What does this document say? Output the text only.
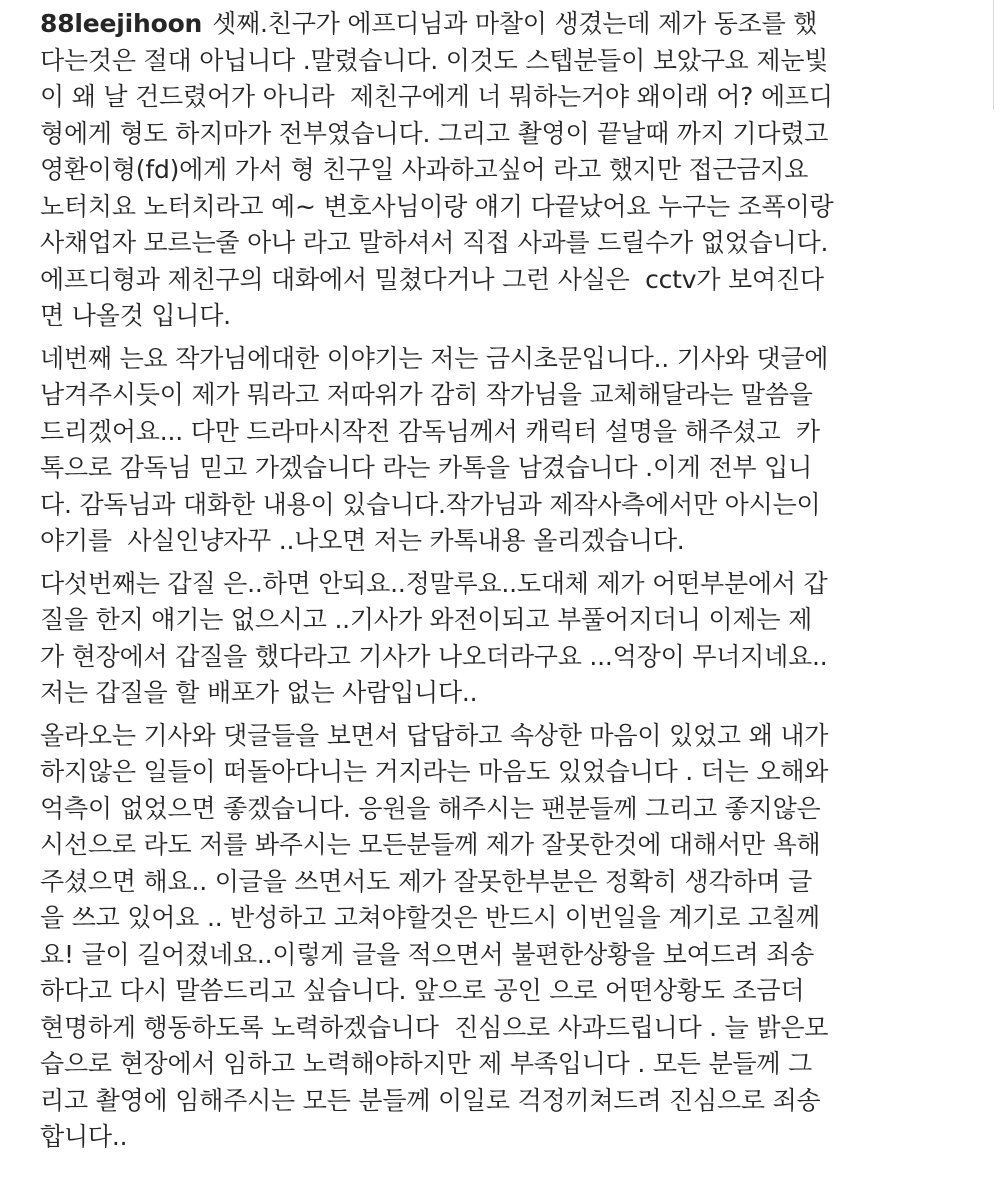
88leejihoon 셋째.친구가 에프디님과 마찰이 생겼는데 제가 동조를 했
다는것은 절대 아닙니다 .말렸습니다. 이것도 스텝분들이 보았구요 제눈빛
이 왜 날 건드렸어가 아니라  제친구에게 너 뭐하는거야 왜이래 어? 에프디
형에게 형도 하지마가 전부였습니다. 그리고 촬영이 끝날때 까지 기다렸고
영환이형(fd)에게 가서 형 친구일 사과하고싶어 라고 했지만 접근금지요
노터치요 노터치라고 예~ 변호사님이랑 얘기 다끝났어요 누구는 조폭이랑
사채업자 모르는줄 아나 라고 말하셔서 직접 사과를 드릴수가 없었습니다.
에프디형과 제친구의 대화에서 밀쳤다거나 그런 사실은  cctv가 보여진다
면 나올것 입니다.
네번째 는요 작가님에대한 이야기는 저는 금시초문입니다.. 기사와 댓글에
남겨주시듯이 제가 뭐라고 저따위가 감히 작가님을 교체해달라는 말씀을
드리겠어요... 다만 드라마시작전 감독님께서 캐릭터 설명을 해주셨고  카
톡으로 감독님 믿고 가겠습니다 라는 카톡을 남겼습니다 .이게 전부 입니
다. 감독님과 대화한 내용이 있습니다.작가님과 제작사측에서만 아시는이
야기를  사실인냥자꾸 ..나오면 저는 카톡내용 올리겠습니다.
다섯번째는 갑질 은..하면 안되요..정말루요..도대체 제가 어떤부분에서 갑
질을 한지 얘기는 없으시고 ..기사가 와전이되고 부풀어지더니 이제는 제
가 현장에서 갑질을 했다라고 기사가 나오더라구요 ...억장이 무너지네요..
저는 갑질을 할 배포가 없는 사람입니다..
올라오는 기사와 댓글들을 보면서 답답하고 속상한 마음이 있었고 왜 내가
하지않은 일들이 떠돌아다니는 거지라는 마음도 있었습니다 . 더는 오해와
억측이 없었으면 좋겠습니다. 응원을 해주시는 팬분들께 그리고 좋지않은
시선으로 라도 저를 봐주시는 모든분들께 제가 잘못한것에 대해서만 욕해
주셨으면 해요.. 이글을 쓰면서도 제가 잘못한부분은 정확히 생각하며 글
을 쓰고 있어요 .. 반성하고 고쳐야할것은 반드시 이번일을 계기로 고칠께
요! 글이 길어졌네요..이렇게 글을 적으면서 불편한상황을 보여드려 죄송
하다고 다시 말씀드리고 싶습니다. 앞으로 공인 으로 어떤상황도 조금더
현명하게 행동하도록 노력하겠습니다  진심으로 사과드립니다 . 늘 밝은모
습으로 현장에서 임하고 노력해야하지만 제 부족입니다 . 모든 분들께 그
리고 촬영에 임해주시는 모든 분들께 이일로 걱정끼쳐드려 진심으로 죄송
합니다..
